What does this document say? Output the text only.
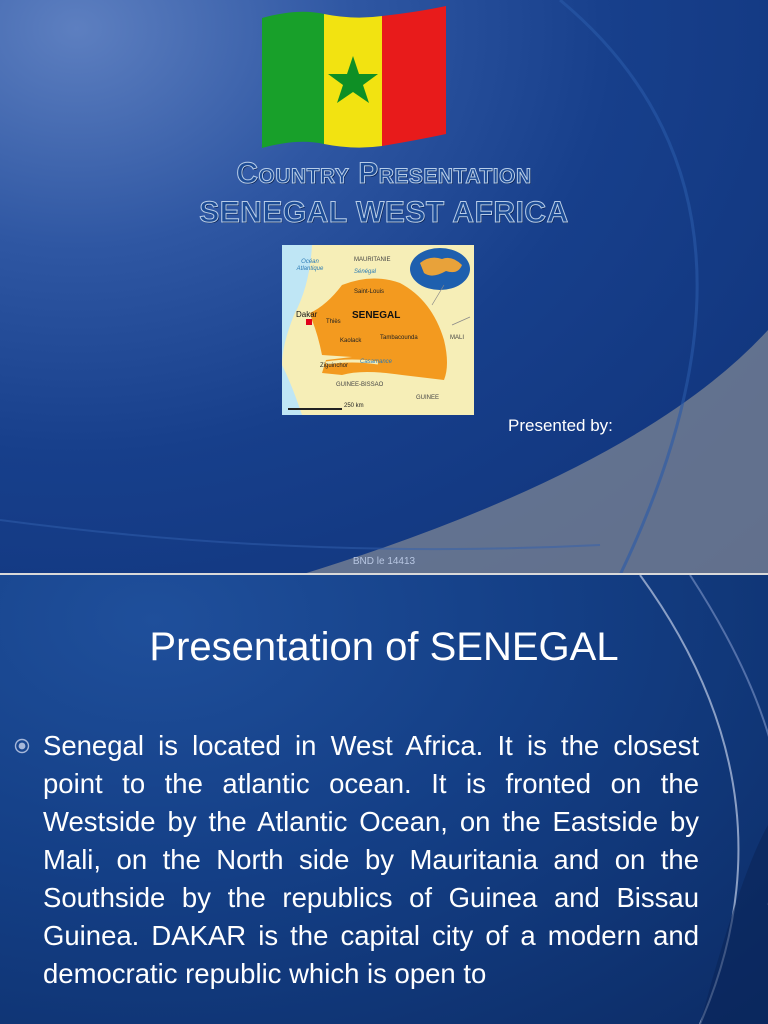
Country Presentation
SENEGAL WEST AFRICA
Océan Atlantique
MAURITANIE
Sénégal
Saint-Louis
Dakar	SENEGAL
Thiès
Kaolack	Tambacounda	MALI
Ziguinchor
Casamance
GUINEE-BISSAO
GUINEE
250 km
Presented by:
BND le 14413
Presentation of SENEGAL
Senegal is located in West Africa. It is the closest point to the atlantic ocean. It is fronted on the Westside by the Atlantic Ocean, on the Eastside by Mali, on the North side by Mauritania and on the Southside by the republics of Guinea and Bissau Guinea. DAKAR is the capital city of a modern and democratic republic which is open to
